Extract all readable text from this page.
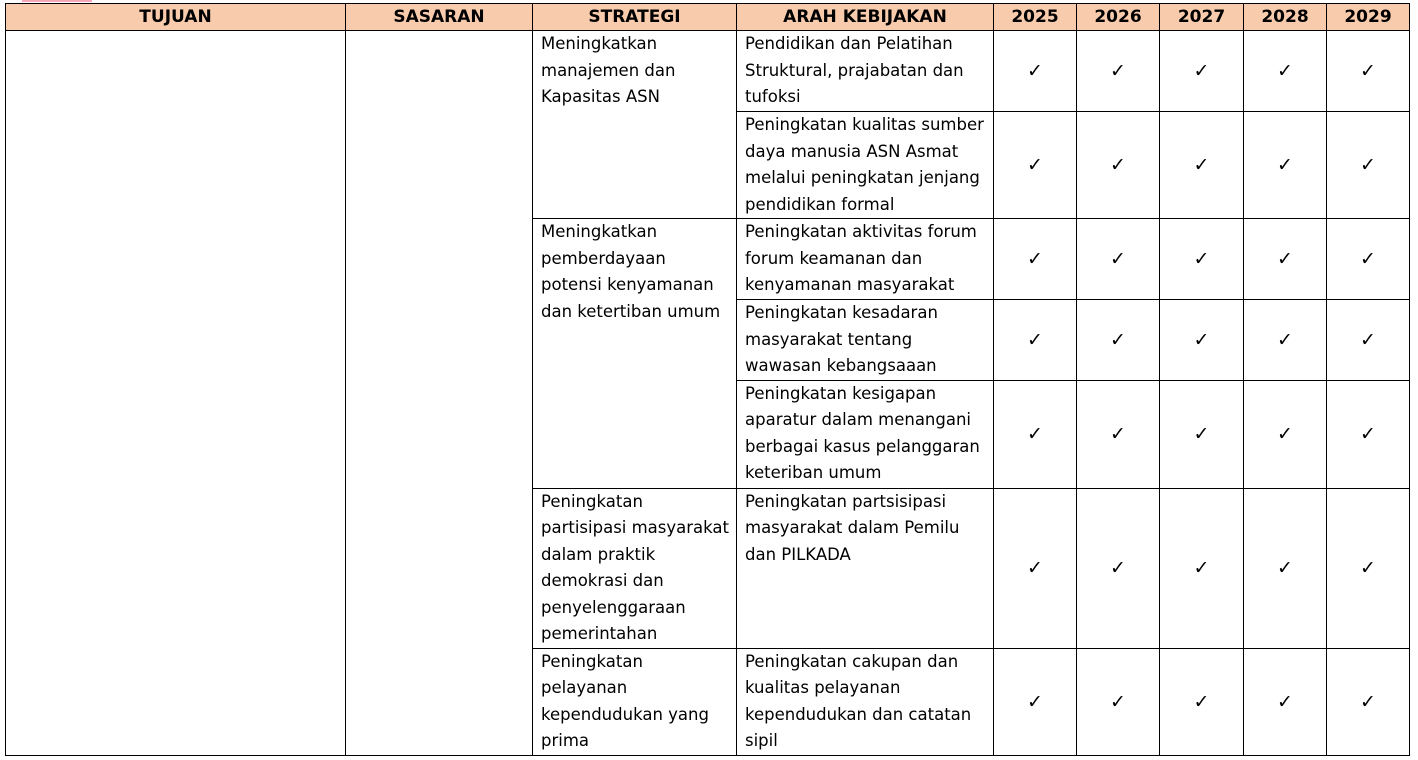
TUJUAN	SASARAN	STRATEGI	ARAH KEBIJAKAN	2025	2026	2027	2028	2029

		Meningkatkan manajemen dan Kapasitas ASN	Pendidikan dan Pelatihan Struktural, prajabatan dan tufoksi	✓	✓	✓	✓	✓

			Peningkatan kualitas sumber daya manusia ASN Asmat melalui peningkatan jenjang pendidikan formal	✓	✓	✓	✓	✓

		Meningkatkan pemberdayaan potensi kenyamanan dan ketertiban umum	Peningkatan aktivitas forum forum keamanan dan kenyamanan masyarakat	✓	✓	✓	✓	✓

			Peningkatan kesadaran masyarakat tentang wawasan kebangsaaan	✓	✓	✓	✓	✓

			Peningkatan kesigapan aparatur dalam menangani berbagai kasus pelanggaran keteriban umum	✓	✓	✓	✓	✓

		Peningkatan partisipasi masyarakat dalam praktik demokrasi dan penyelenggaraan pemerintahan	Peningkatan partsisipasi masyarakat dalam Pemilu dan PILKADA	✓	✓	✓	✓	✓

		Peningkatan pelayanan kependudukan yang prima	Peningkatan cakupan dan kualitas pelayanan kependudukan dan catatan sipil	✓	✓	✓	✓	✓
